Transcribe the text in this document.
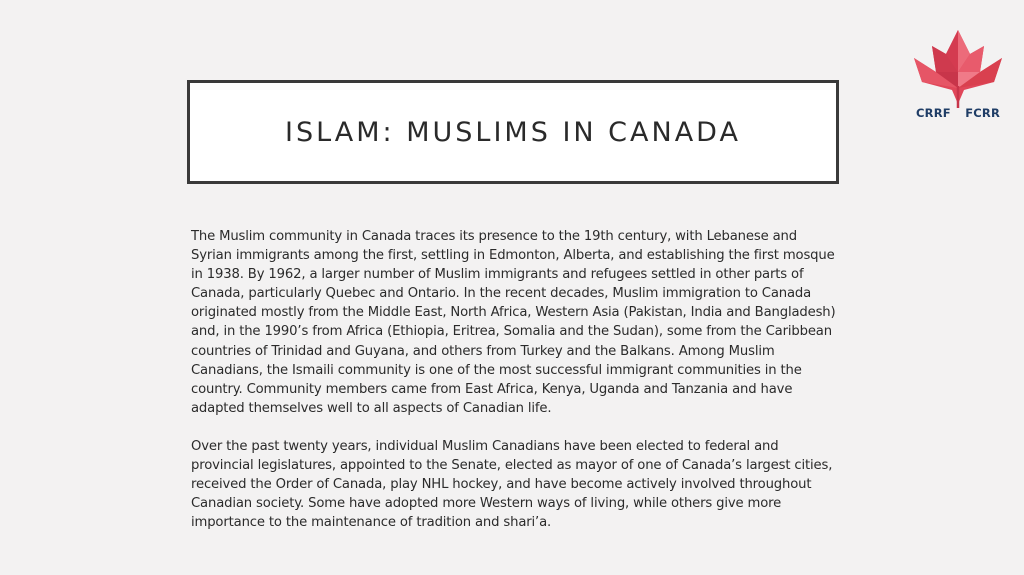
ISLAM: MUSLIMS IN CANADA
CRRF FCRR

The Muslim community in Canada traces its presence to the 19th century, with Lebanese and Syrian immigrants among the first, settling in Edmonton, Alberta, and establishing the first mosque in 1938. By 1962, a larger number of Muslim immigrants and refugees settled in other parts of Canada, particularly Quebec and Ontario. In the recent decades, Muslim immigration to Canada originated mostly from the Middle East, North Africa, Western Asia (Pakistan, India and Bangladesh) and, in the 1990’s from Africa (Ethiopia, Eritrea, Somalia and the Sudan), some from the Caribbean countries of Trinidad and Guyana, and others from Turkey and the Balkans. Among Muslim Canadians, the Ismaili community is one of the most successful immigrant communities in the country. Community members came from East Africa, Kenya, Uganda and Tanzania and have adapted themselves well to all aspects of Canadian life.

Over the past twenty years, individual Muslim Canadians have been elected to federal and provincial legislatures, appointed to the Senate, elected as mayor of one of Canada’s largest cities, received the Order of Canada, play NHL hockey, and have become actively involved throughout Canadian society. Some have adopted more Western ways of living, while others give more importance to the maintenance of tradition and shari’a.
